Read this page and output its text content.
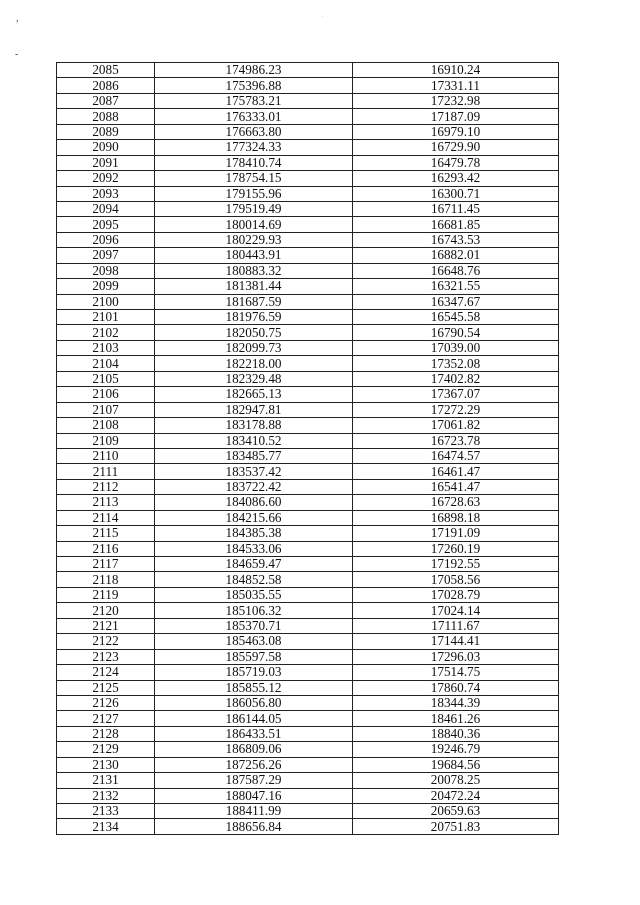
,
-
.
2085	174986.23	16910.24
2086	175396.88	17331.11
2087	175783.21	17232.98
2088	176333.01	17187.09
2089	176663.80	16979.10
2090	177324.33	16729.90
2091	178410.74	16479.78
2092	178754.15	16293.42
2093	179155.96	16300.71
2094	179519.49	16711.45
2095	180014.69	16681.85
2096	180229.93	16743.53
2097	180443.91	16882.01
2098	180883.32	16648.76
2099	181381.44	16321.55
2100	181687.59	16347.67
2101	181976.59	16545.58
2102	182050.75	16790.54
2103	182099.73	17039.00
2104	182218.00	17352.08
2105	182329.48	17402.82
2106	182665.13	17367.07
2107	182947.81	17272.29
2108	183178.88	17061.82
2109	183410.52	16723.78
2110	183485.77	16474.57
2111	183537.42	16461.47
2112	183722.42	16541.47
2113	184086.60	16728.63
2114	184215.66	16898.18
2115	184385.38	17191.09
2116	184533.06	17260.19
2117	184659.47	17192.55
2118	184852.58	17058.56
2119	185035.55	17028.79
2120	185106.32	17024.14
2121	185370.71	17111.67
2122	185463.08	17144.41
2123	185597.58	17296.03
2124	185719.03	17514.75
2125	185855.12	17860.74
2126	186056.80	18344.39
2127	186144.05	18461.26
2128	186433.51	18840.36
2129	186809.06	19246.79
2130	187256.26	19684.56
2131	187587.29	20078.25
2132	188047.16	20472.24
2133	188411.99	20659.63
2134	188656.84	20751.83
